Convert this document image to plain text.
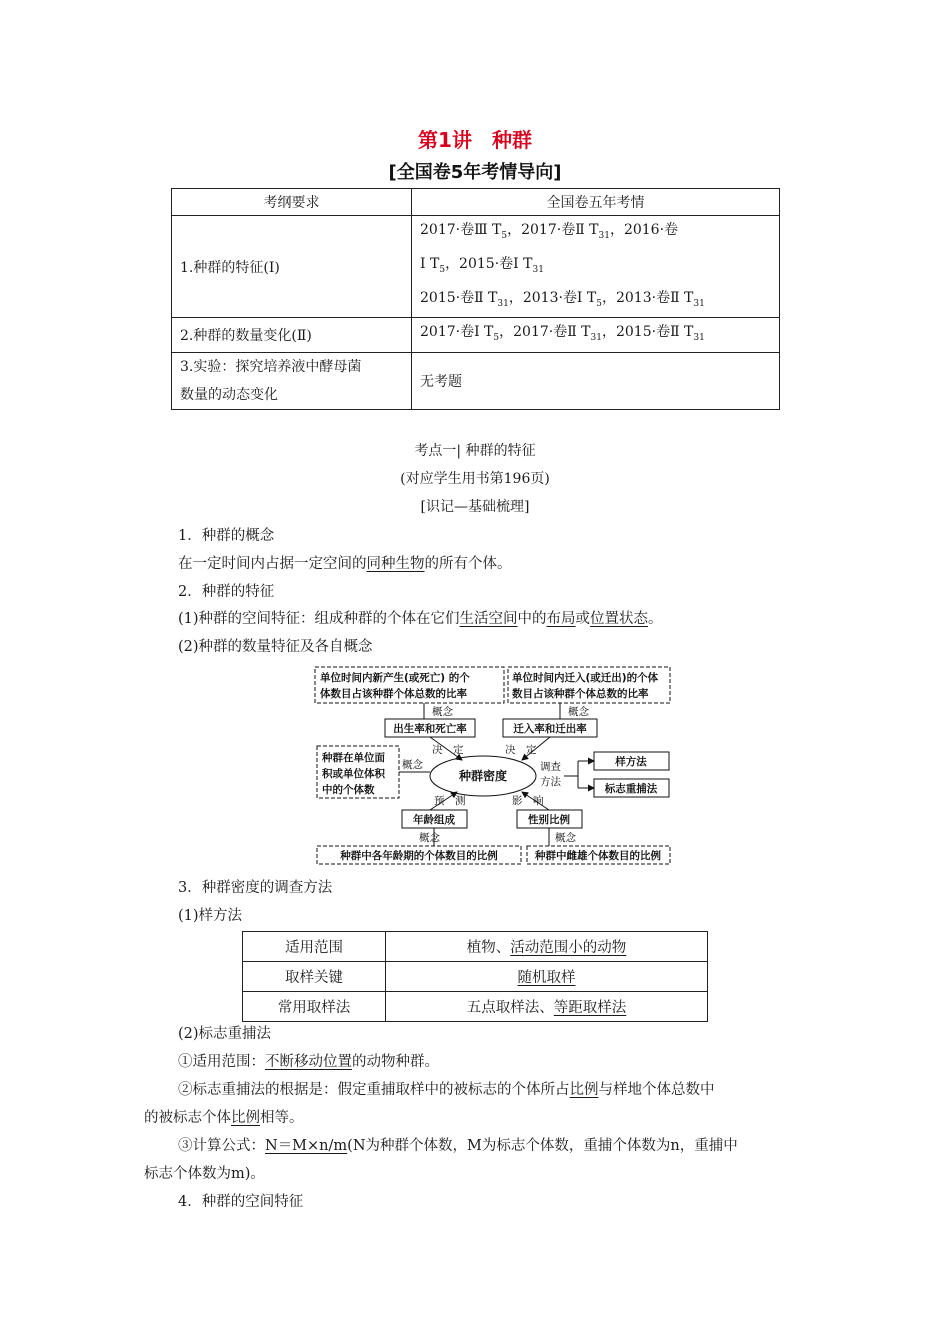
第1讲　种群
[全国卷5年考情导向]
考纲要求	全国卷五年考情
1.种群的特征(Ⅰ)	2017·卷Ⅲ $T_5$，2017·卷Ⅱ $T_{31}$，2016·卷
Ⅰ $T_5$，2015·卷Ⅰ $T_{31}$
2015·卷Ⅱ $T_{31}$，2013·卷Ⅰ $T_5$，2013·卷Ⅱ $T_{31}$

2.种群的数量变化(Ⅱ)	2017·卷Ⅰ $T_5$，2017·卷Ⅱ $T_{31}$，2015·卷Ⅱ $T_{31}$

3.实验：探究培养液中酵母菌
数量的动态变化	无考题
考点一| 种群的特征
(对应学生用书第196页)
[识记—基础梳理]
1．种群的概念
在一定时间内占据一定空间的同种生物的所有个体。
2．种群的特征
(1)种群的空间特征：组成种群的个体在它们生活空间中的布局或位置状态。
(2)种群的数量特征及各自概念
单位时间内新产生(或死亡) 的个
体数目占该种群个体总数的比率
单位时间内迁入(或迁出)的个体
数目占该种群个体总数的比率
概念	概念
出生率和死亡率	迁入率和迁出率
决　定	决　定
种群在单位面
积或单位体积
中的个体数
概念
种群密度
调查
方法
样方法
标志重捕法
预　测	影　响
年龄组成	性别比例
概念	概念
种群中各年龄期的个体数目的比例	种群中雌雄个体数目的比例
3．种群密度的调查方法
(1)样方法
适用范围	植物、活动范围小的动物
取样关键	随机取样
常用取样法	五点取样法、等距取样法
(2)标志重捕法
①适用范围：不断移动位置的动物种群。
②标志重捕法的根据是：假定重捕取样中的被标志的个体所占比例与样地个体总数中
的被标志个体比例相等。
③计算公式：N＝M×n/m(N为种群个体数，M为标志个体数，重捕个体数为n，重捕中
标志个体数为m)。
4．种群的空间特征
